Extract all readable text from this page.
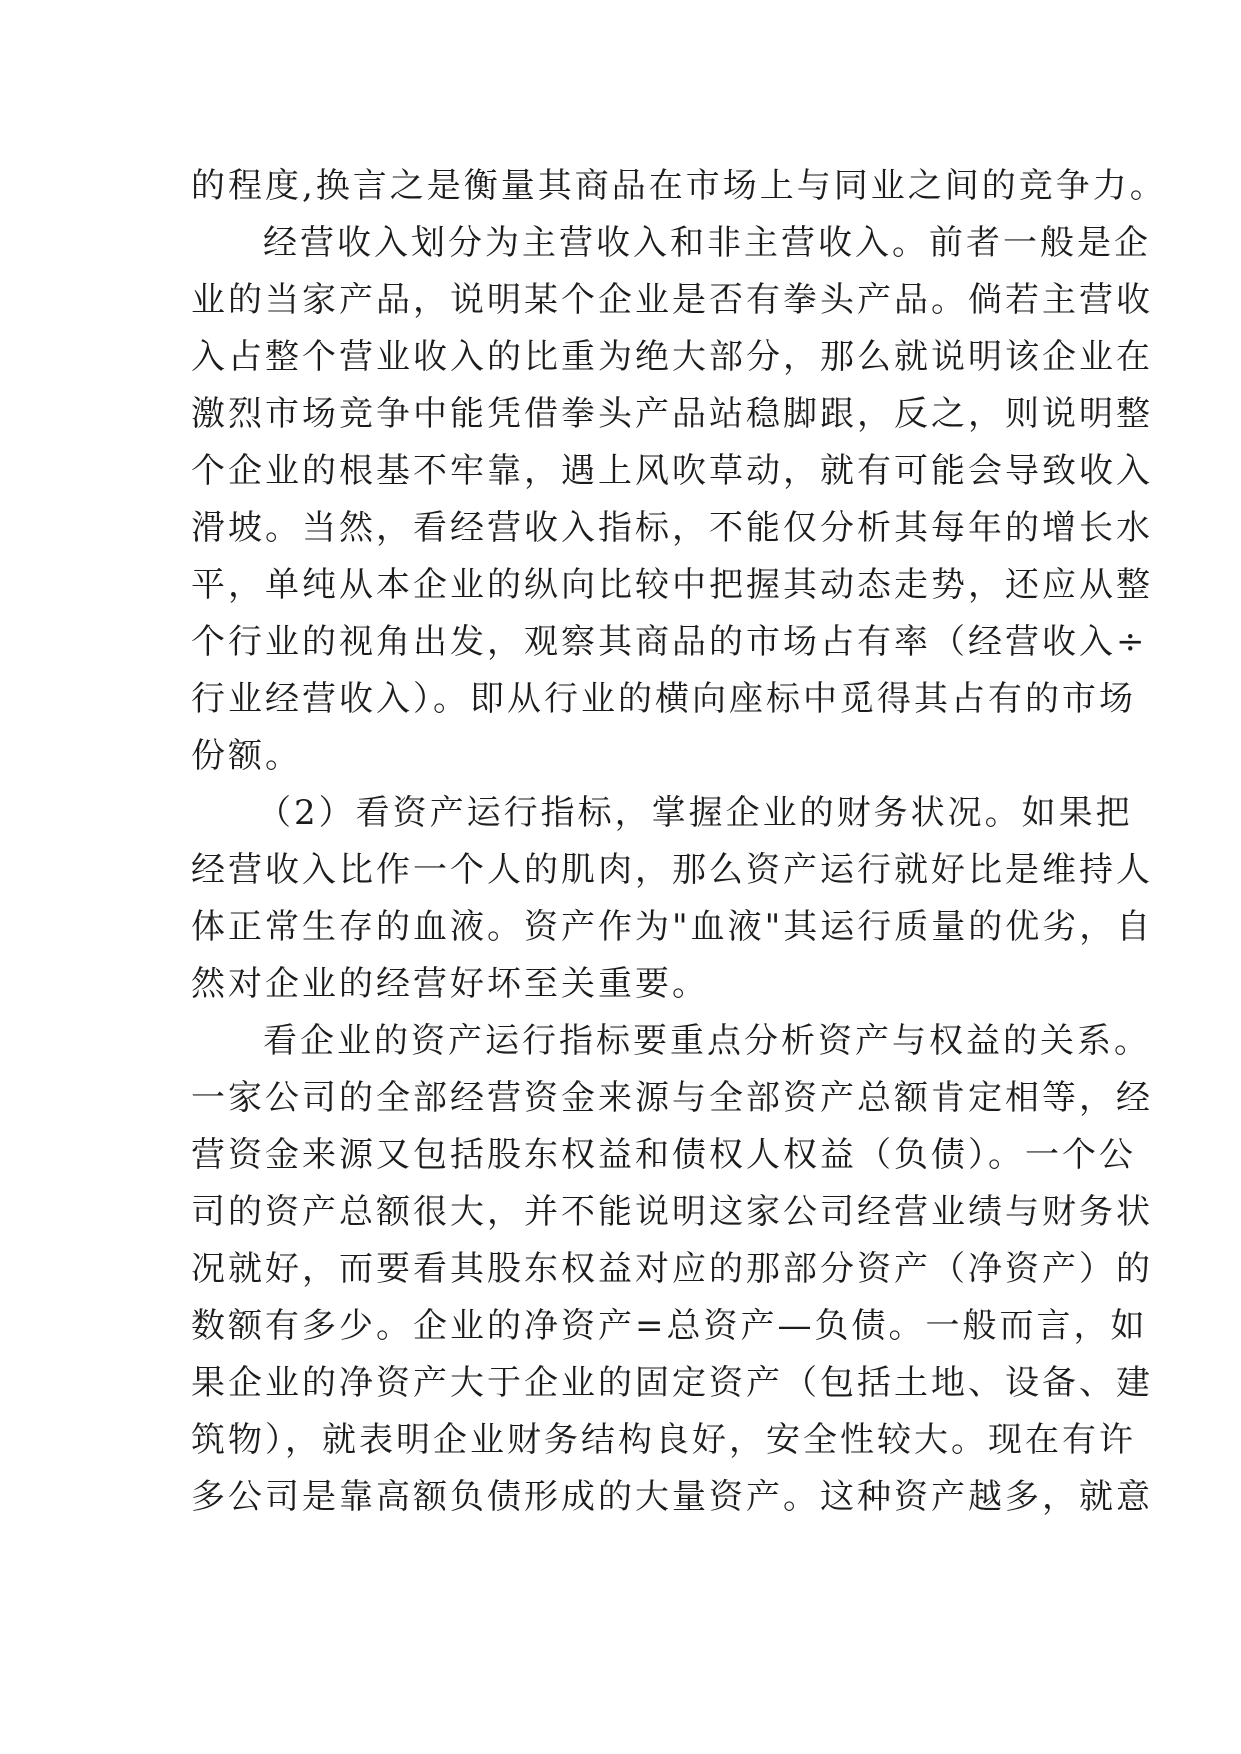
的程度,换言之是衡量其商品在市场上与同业之间的竞争力。
经营收入划分为主营收入和非主营收入。前者一般是企
业的当家产品，说明某个企业是否有拳头产品。倘若主营收
入占整个营业收入的比重为绝大部分，那么就说明该企业在
激烈市场竞争中能凭借拳头产品站稳脚跟，反之，则说明整
个企业的根基不牢靠，遇上风吹草动，就有可能会导致收入
滑坡。当然，看经营收入指标，不能仅分析其每年的增长水
平，单纯从本企业的纵向比较中把握其动态走势，还应从整
个行业的视角出发，观察其商品的市场占有率（经营收入÷
行业经营收入）。即从行业的横向座标中觅得其占有的市场
份额。
（2）看资产运行指标，掌握企业的财务状况。如果把
经营收入比作一个人的肌肉，那么资产运行就好比是维持人
体正常生存的血液。资产作为"血液"其运行质量的优劣，自
然对企业的经营好坏至关重要。
看企业的资产运行指标要重点分析资产与权益的关系。
一家公司的全部经营资金来源与全部资产总额肯定相等，经
营资金来源又包括股东权益和债权人权益（负债）。一个公
司的资产总额很大，并不能说明这家公司经营业绩与财务状
况就好，而要看其股东权益对应的那部分资产（净资产）的
数额有多少。企业的净资产=总资产—负债。一般而言，如
果企业的净资产大于企业的固定资产（包括土地、设备、建
筑物），就表明企业财务结构良好，安全性较大。现在有许
多公司是靠高额负债形成的大量资产。这种资产越多，就意
